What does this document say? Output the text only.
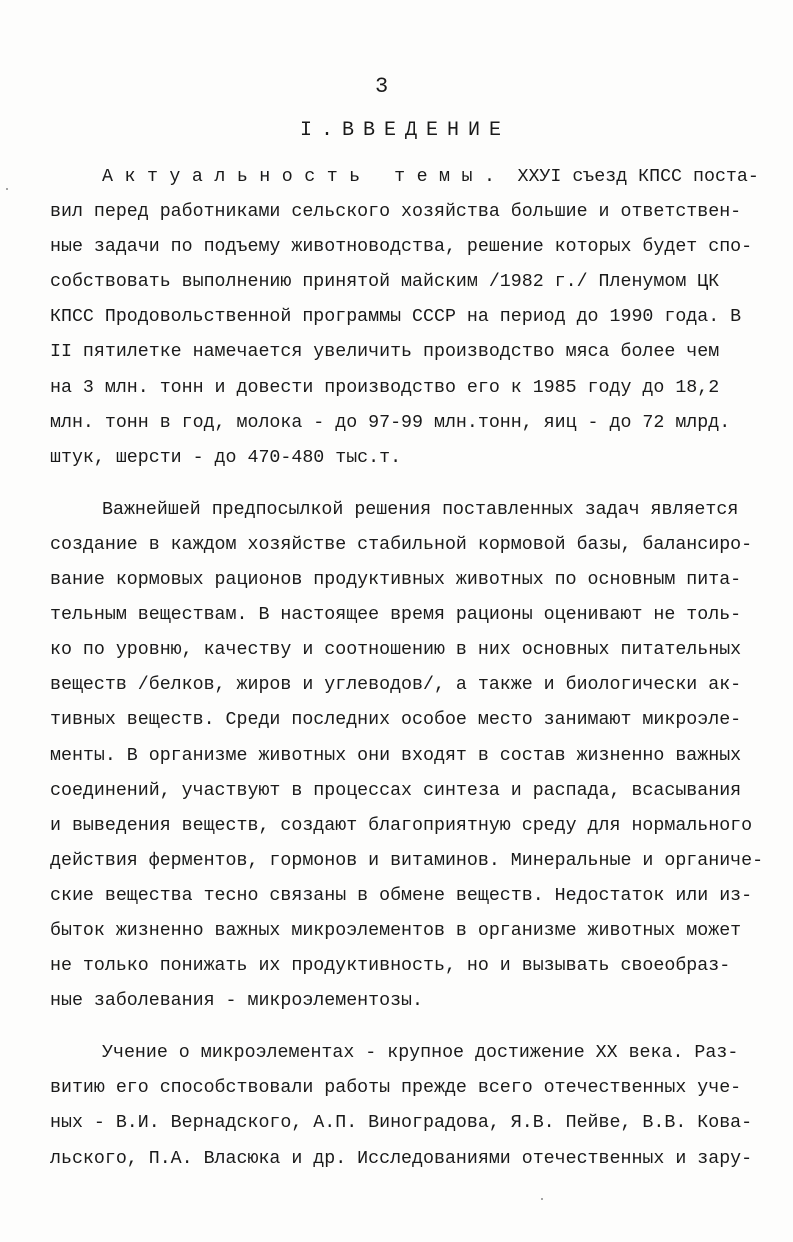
3
I.ВВЕДЕНИЕ
Актуальность темы. ХХУI съезд КПСС поста-
вил перед работниками сельского хозяйства большие и ответствен-
ные задачи по подъему животноводства, решение которых будет спо-
собствовать выполнению принятой майским /1982 г./ Пленумом ЦК
КПСС Продовольственной программы СССР на период до 1990 года. В
II пятилетке намечается увеличить производство мяса более чем
на 3 млн. тонн и довести производство его к 1985 году до 18,2
млн. тонн в год, молока - до 97-99 млн.тонн, яиц - до 72 млрд.
штук, шерсти - до 470-480 тыс.т.
Важнейшей предпосылкой решения поставленных задач является
создание в каждом хозяйстве стабильной кормовой базы, балансиро-
вание кормовых рационов продуктивных животных по основным пита-
тельным веществам. В настоящее время рационы оценивают не толь-
ко по уровню, качеству и соотношению в них основных питательных
веществ /белков, жиров и углеводов/, а также и биологически ак-
тивных веществ. Среди последних особое место занимают микроэле-
менты. В организме животных они входят в состав жизненно важных
соединений, участвуют в процессах синтеза и распада, всасывания
и выведения веществ, создают благоприятную среду для нормального
действия ферментов, гормонов и витаминов. Минеральные и органиче-
ские вещества тесно связаны в обмене веществ. Недостаток или из-
быток жизненно важных микроэлементов в организме животных может
не только понижать их продуктивность, но и вызывать своеобраз-
ные заболевания - микроэлементозы.
Учение о микроэлементах - крупное достижение ХХ века. Раз-
витию его способствовали работы прежде всего отечественных уче-
ных - В.И. Вернадского, А.П. Виноградова, Я.В. Пейве, В.В. Кова-
льского, П.А. Власюка и др. Исследованиями отечественных и зару-
